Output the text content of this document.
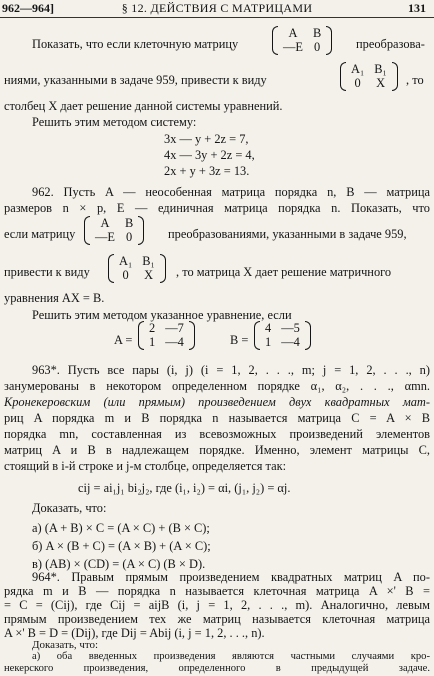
962—964]	§ 12. ДЕЙСТВИЯ С МАТРИЦАМИ	131
Показать, что если клеточную матрицу
A	B
—E	0	преобразова-
ниями, указанными в задаче 959, привести к виду
A₁	B₁
0	X , то
столбец X дает решение данной системы уравнений.
Решить этим методом систему:
3x — y + 2z = 7,
4x — 3y + 2z = 4,
2x + y + 3z = 13.
962. Пусть A — неособенная матрица порядка n, B — матрица
размеров n × p, E — единичная матрица порядка n. Показать, что
если матрицу
A	B
—E	0	преобразованиями, указанными в задаче 959,
привести к виду
A₁	B₁
0	X , то матрица X дает решение матричного
уравнения AX = B.
Решить этим методом указанное уравнение, если
A =
2	—7
1	—4	B =
4	—5
1	—4
963*. Пусть все пары (i, j) (i = 1, 2, . . ., m; j = 1, 2, . . ., n)
занумерованы в некотором определенном порядке α₁, α₂, . . ., αmn.
Кронекеровским (или прямым) произведением двух квадратных мат-
риц A порядка m и B порядка n называется матрица C = A × B
порядка mn, составленная из всевозможных произведений элементов
матриц A и B в надлежащем порядке. Именно, элемент матрицы C,
стоящий в i-й строке и j-м столбце, определяется так:
cij = ai₁j₁ bi₂j₂, где (i₁, i₂) = αi, (j₁, j₂) = αj.
Доказать, что:
а) (A + B) × C = (A × C) + (B × C);
б) A × (B + C) = (A × B) + (A × C);
в) (AB) × (CD) = (A × C) (B × D).
964*. Правым прямым произведением квадратных матриц A по-
рядка m и B — порядка n называется клеточная матрица A ×' B =
= C = (Cij), где Cij = aijB (i, j = 1, 2, . . ., m). Аналогично, левым
прямым произведением тех же матриц называется клеточная матрица
A ×' B = D = (Dij), где Dij = Abij (i, j = 1, 2, . . ., n).
Доказать, что:
а) оба введенных произведения являются частными случаями кро-
некерского произведения, определенного в предыдущей задаче.
